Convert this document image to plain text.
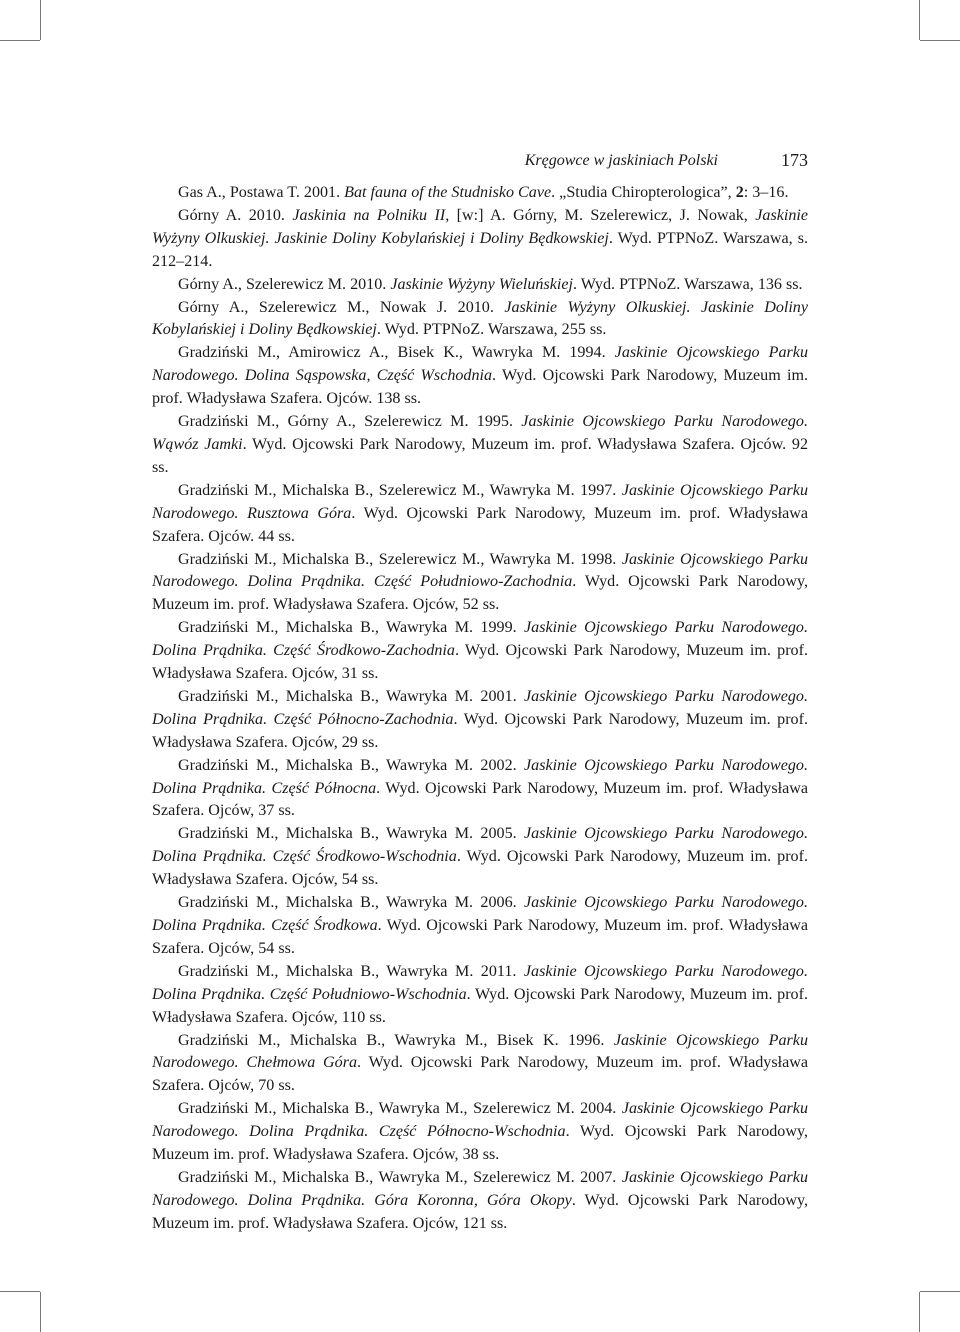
Kręgowce w jaskiniach Polski	173

Gas A., Postawa T. 2001. Bat fauna of the Studnisko Cave. „Studia Chiropterologica”, 2: 3–16.

Górny A. 2010. Jaskinia na Polniku II, [w:] A. Górny, M. Szelerewicz, J. Nowak, Jaskinie Wyżyny Olkuskiej. Jaskinie Doliny Kobylańskiej i Doliny Będkowskiej. Wyd. PTPNoZ. Warszawa, s. 212–214.

Górny A., Szelerewicz M. 2010. Jaskinie Wyżyny Wieluńskiej. Wyd. PTPNoZ. Warszawa, 136 ss.

Górny A., Szelerewicz M., Nowak J. 2010. Jaskinie Wyżyny Olkuskiej. Jaskinie Doliny Kobylańskiej i Doliny Będkowskiej. Wyd. PTPNoZ. Warszawa, 255 ss.

Gradziński M., Amirowicz A., Bisek K., Wawryka M. 1994. Jaskinie Ojcowskiego Parku Narodowego. Dolina Sąspowska, Część Wschodnia. Wyd. Ojcowski Park Narodowy, Muzeum im. prof. Władysława Szafera. Ojców. 138 ss.

Gradziński M., Górny A., Szelerewicz M. 1995. Jaskinie Ojcowskiego Parku Narodowego. Wąwóz Jamki. Wyd. Ojcowski Park Narodowy, Muzeum im. prof. Władysława Szafera. Ojców. 92 ss.

Gradziński M., Michalska B., Szelerewicz M., Wawryka M. 1997. Jaskinie Ojcowskiego Parku Narodowego. Rusztowa Góra. Wyd. Ojcowski Park Narodowy, Muzeum im. prof. Władysława Szafera. Ojców. 44 ss.

Gradziński M., Michalska B., Szelerewicz M., Wawryka M. 1998. Jaskinie Ojcowskiego Parku Narodowego. Dolina Prądnika. Część Południowo-Zachodnia. Wyd. Ojcowski Park Narodowy, Muzeum im. prof. Władysława Szafera. Ojców, 52 ss.

Gradziński M., Michalska B., Wawryka M. 1999. Jaskinie Ojcowskiego Parku Narodowego. Dolina Prądnika. Część Środkowo-Zachodnia. Wyd. Ojcowski Park Narodowy, Muzeum im. prof. Władysława Szafera. Ojców, 31 ss.

Gradziński M., Michalska B., Wawryka M. 2001. Jaskinie Ojcowskiego Parku Narodowego. Dolina Prądnika. Część Północno-Zachodnia. Wyd. Ojcowski Park Narodowy, Muzeum im. prof. Władysława Szafera. Ojców, 29 ss.

Gradziński M., Michalska B., Wawryka M. 2002. Jaskinie Ojcowskiego Parku Narodowego. Dolina Prądnika. Część Północna. Wyd. Ojcowski Park Narodowy, Muzeum im. prof. Władysława Szafera. Ojców, 37 ss.

Gradziński M., Michalska B., Wawryka M. 2005. Jaskinie Ojcowskiego Parku Narodowego. Dolina Prądnika. Część Środkowo-Wschodnia. Wyd. Ojcowski Park Narodowy, Muzeum im. prof. Władysława Szafera. Ojców, 54 ss.

Gradziński M., Michalska B., Wawryka M. 2006. Jaskinie Ojcowskiego Parku Narodowego. Dolina Prądnika. Część Środkowa. Wyd. Ojcowski Park Narodowy, Muzeum im. prof. Władysława Szafera. Ojców, 54 ss.

Gradziński M., Michalska B., Wawryka M. 2011. Jaskinie Ojcowskiego Parku Narodowego. Dolina Prądnika. Część Południowo-Wschodnia. Wyd. Ojcowski Park Narodowy, Muzeum im. prof. Władysława Szafera. Ojców, 110 ss.

Gradziński M., Michalska B., Wawryka M., Bisek K. 1996. Jaskinie Ojcowskiego Parku Narodowego. Chełmowa Góra. Wyd. Ojcowski Park Narodowy, Muzeum im. prof. Władysława Szafera. Ojców, 70 ss.

Gradziński M., Michalska B., Wawryka M., Szelerewicz M. 2004. Jaskinie Ojcowskiego Parku Narodowego. Dolina Prądnika. Część Północno-Wschodnia. Wyd. Ojcowski Park Narodowy, Muzeum im. prof. Władysława Szafera. Ojców, 38 ss.

Gradziński M., Michalska B., Wawryka M., Szelerewicz M. 2007. Jaskinie Ojcowskiego Parku Narodowego. Dolina Prądnika. Góra Koronna, Góra Okopy. Wyd. Ojcowski Park Narodowy, Muzeum im. prof. Władysława Szafera. Ojców, 121 ss.
